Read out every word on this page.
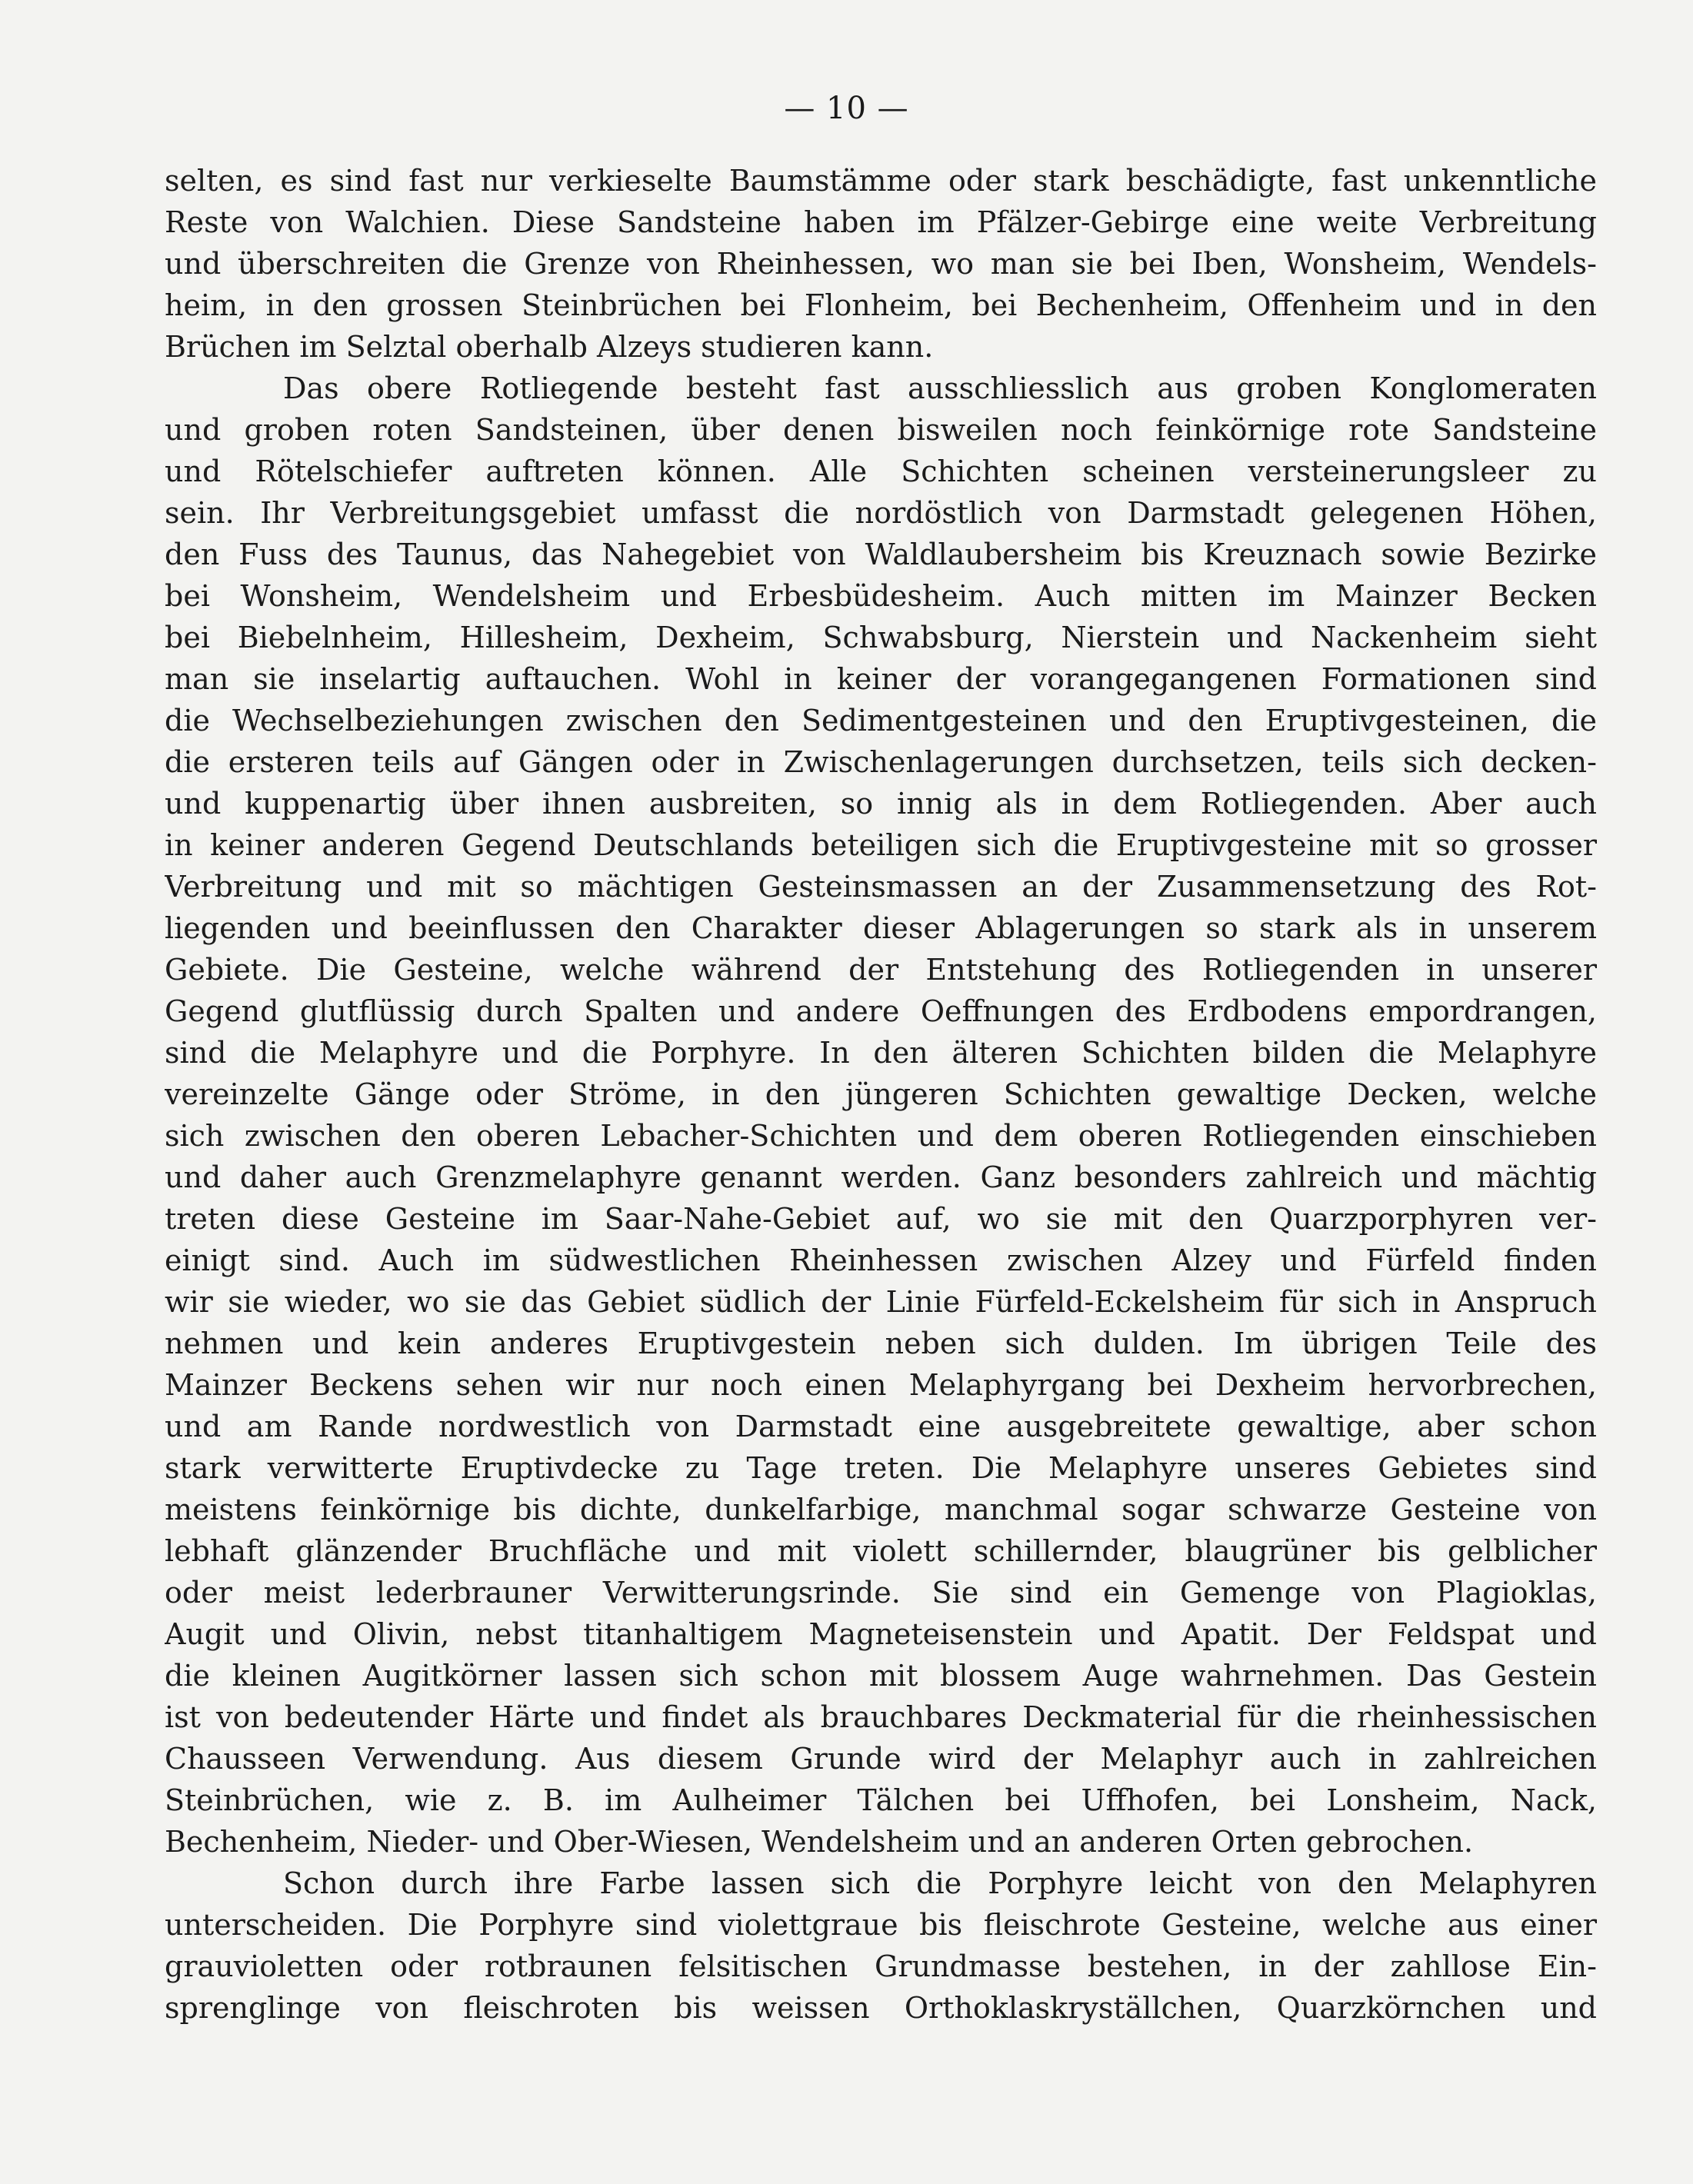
— 10 —
selten, es sind fast nur verkieselte Baumstämme oder stark beschädigte, fast unkenntliche
Reste von Walchien. Diese Sandsteine haben im Pfälzer-Gebirge eine weite Verbreitung
und überschreiten die Grenze von Rheinhessen, wo man sie bei Iben, Wonsheim, Wendels-
heim, in den grossen Steinbrüchen bei Flonheim, bei Bechenheim, Offenheim und in den
Brüchen im Selztal oberhalb Alzeys studieren kann.
Das obere Rotliegende besteht fast ausschliesslich aus groben Konglomeraten
und groben roten Sandsteinen, über denen bisweilen noch feinkörnige rote Sandsteine
und Rötelschiefer auftreten können. Alle Schichten scheinen versteinerungsleer zu
sein. Ihr Verbreitungsgebiet umfasst die nordöstlich von Darmstadt gelegenen Höhen,
den Fuss des Taunus, das Nahegebiet von Waldlaubersheim bis Kreuznach sowie Bezirke
bei Wonsheim, Wendelsheim und Erbesbüdesheim. Auch mitten im Mainzer Becken
bei Biebelnheim, Hillesheim, Dexheim, Schwabsburg, Nierstein und Nackenheim sieht
man sie inselartig auftauchen. Wohl in keiner der vorangegangenen Formationen sind
die Wechselbeziehungen zwischen den Sedimentgesteinen und den Eruptivgesteinen, die
die ersteren teils auf Gängen oder in Zwischenlagerungen durchsetzen, teils sich decken-
und kuppenartig über ihnen ausbreiten, so innig als in dem Rotliegenden. Aber auch
in keiner anderen Gegend Deutschlands beteiligen sich die Eruptivgesteine mit so grosser
Verbreitung und mit so mächtigen Gesteinsmassen an der Zusammensetzung des Rot-
liegenden und beeinflussen den Charakter dieser Ablagerungen so stark als in unserem
Gebiete. Die Gesteine, welche während der Entstehung des Rotliegenden in unserer
Gegend glutflüssig durch Spalten und andere Oeffnungen des Erdbodens empordrangen,
sind die Melaphyre und die Porphyre. In den älteren Schichten bilden die Melaphyre
vereinzelte Gänge oder Ströme, in den jüngeren Schichten gewaltige Decken, welche
sich zwischen den oberen Lebacher-Schichten und dem oberen Rotliegenden einschieben
und daher auch Grenzmelaphyre genannt werden. Ganz besonders zahlreich und mächtig
treten diese Gesteine im Saar-Nahe-Gebiet auf, wo sie mit den Quarzporphyren ver-
einigt sind. Auch im südwestlichen Rheinhessen zwischen Alzey und Fürfeld finden
wir sie wieder, wo sie das Gebiet südlich der Linie Fürfeld-Eckelsheim für sich in Anspruch
nehmen und kein anderes Eruptivgestein neben sich dulden. Im übrigen Teile des
Mainzer Beckens sehen wir nur noch einen Melaphyrgang bei Dexheim hervorbrechen,
und am Rande nordwestlich von Darmstadt eine ausgebreitete gewaltige, aber schon
stark verwitterte Eruptivdecke zu Tage treten. Die Melaphyre unseres Gebietes sind
meistens feinkörnige bis dichte, dunkelfarbige, manchmal sogar schwarze Gesteine von
lebhaft glänzender Bruchfläche und mit violett schillernder, blaugrüner bis gelblicher
oder meist lederbrauner Verwitterungsrinde. Sie sind ein Gemenge von Plagioklas,
Augit und Olivin, nebst titanhaltigem Magneteisenstein und Apatit. Der Feldspat und
die kleinen Augitkörner lassen sich schon mit blossem Auge wahrnehmen. Das Gestein
ist von bedeutender Härte und findet als brauchbares Deckmaterial für die rheinhessischen
Chausseen Verwendung. Aus diesem Grunde wird der Melaphyr auch in zahlreichen
Steinbrüchen, wie z. B. im Aulheimer Tälchen bei Uffhofen, bei Lonsheim, Nack,
Bechenheim, Nieder- und Ober-Wiesen, Wendelsheim und an anderen Orten gebrochen.
Schon durch ihre Farbe lassen sich die Porphyre leicht von den Melaphyren
unterscheiden. Die Porphyre sind violettgraue bis fleischrote Gesteine, welche aus einer
grauvioletten oder rotbraunen felsitischen Grundmasse bestehen, in der zahllose Ein-
sprenglinge von fleischroten bis weissen Orthoklaskryställchen, Quarzkörnchen und
